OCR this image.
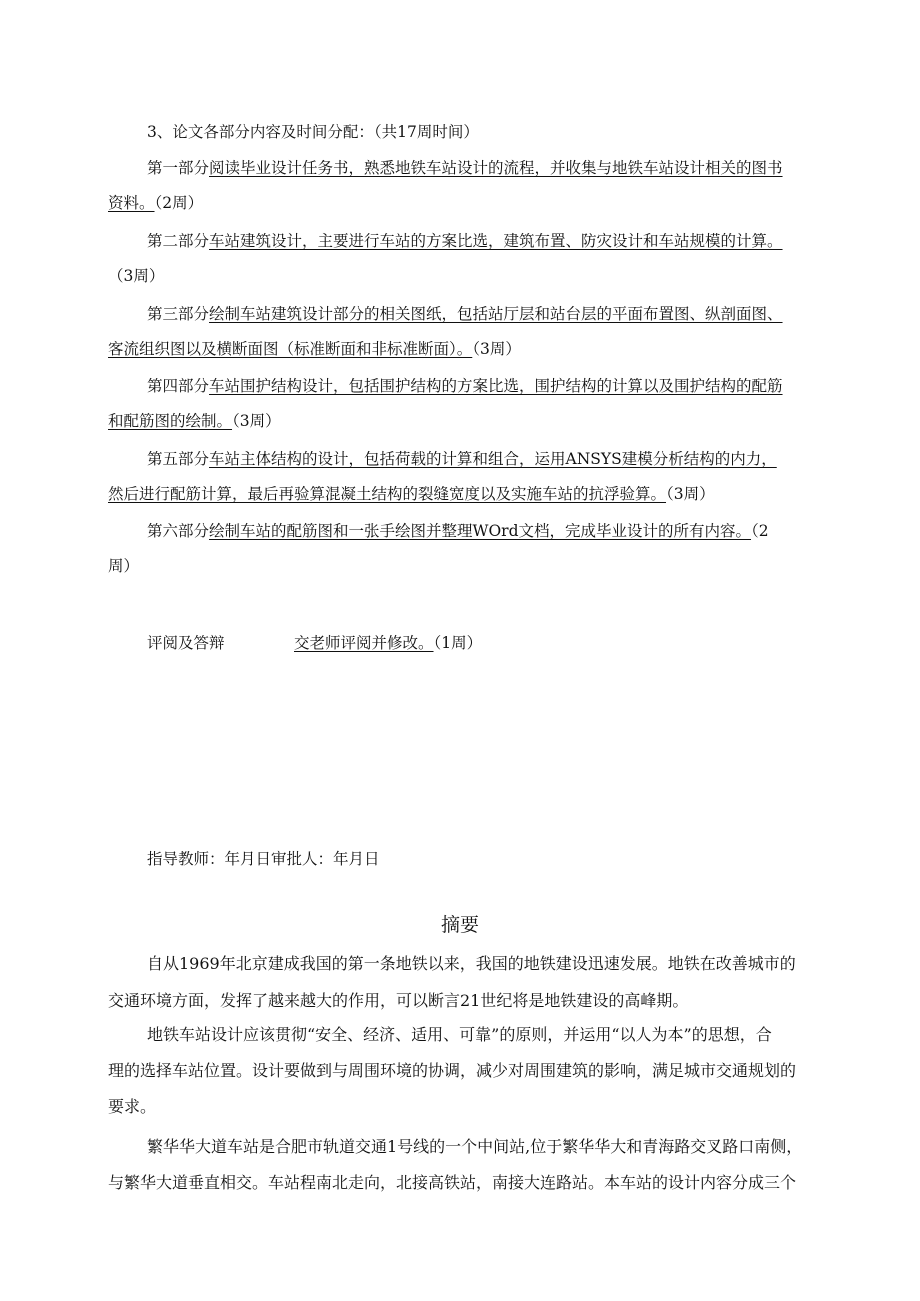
3、论文各部分内容及时间分配：（共17周时间）
第一部分阅读毕业设计任务书，熟悉地铁车站设计的流程，并收集与地铁车站设计相关的图书
资料。（2周）
第二部分车站建筑设计，主要进行车站的方案比选，建筑布置、防灾设计和车站规模的计算。
（3周）
第三部分绘制车站建筑设计部分的相关图纸，包括站厅层和站台层的平面布置图、纵剖面图、
客流组织图以及横断面图（标准断面和非标准断面）。（3周）
第四部分车站围护结构设计，包括围护结构的方案比选，围护结构的计算以及围护结构的配筋
和配筋图的绘制。（3周）
第五部分车站主体结构的设计，包括荷载的计算和组合，运用ANSYS建模分析结构的内力，
然后进行配筋计算，最后再验算混凝土结构的裂缝宽度以及实施车站的抗浮验算。（3周）
第六部分绘制车站的配筋图和一张手绘图并整理WOrd文档，完成毕业设计的所有内容。（2
周）
评阅及答辩	交老师评阅并修改。（1周）
指导教师：年月日审批人：年月日
摘要
自从1969年北京建成我国的第一条地铁以来，我国的地铁建设迅速发展。地铁在改善城市的
交通环境方面，发挥了越来越大的作用，可以断言21世纪将是地铁建设的高峰期。
地铁车站设计应该贯彻“安全、经济、适用、可靠”的原则，并运用“以人为本”的思想，合
理的选择车站位置。设计要做到与周围环境的协调，减少对周围建筑的影响，满足城市交通规划的
要求。
繁华华大道车站是合肥市轨道交通1号线的一个中间站,位于繁华华大和青海路交叉路口南侧，
与繁华大道垂直相交。车站程南北走向，北接高铁站，南接大连路站。本车站的设计内容分成三个
